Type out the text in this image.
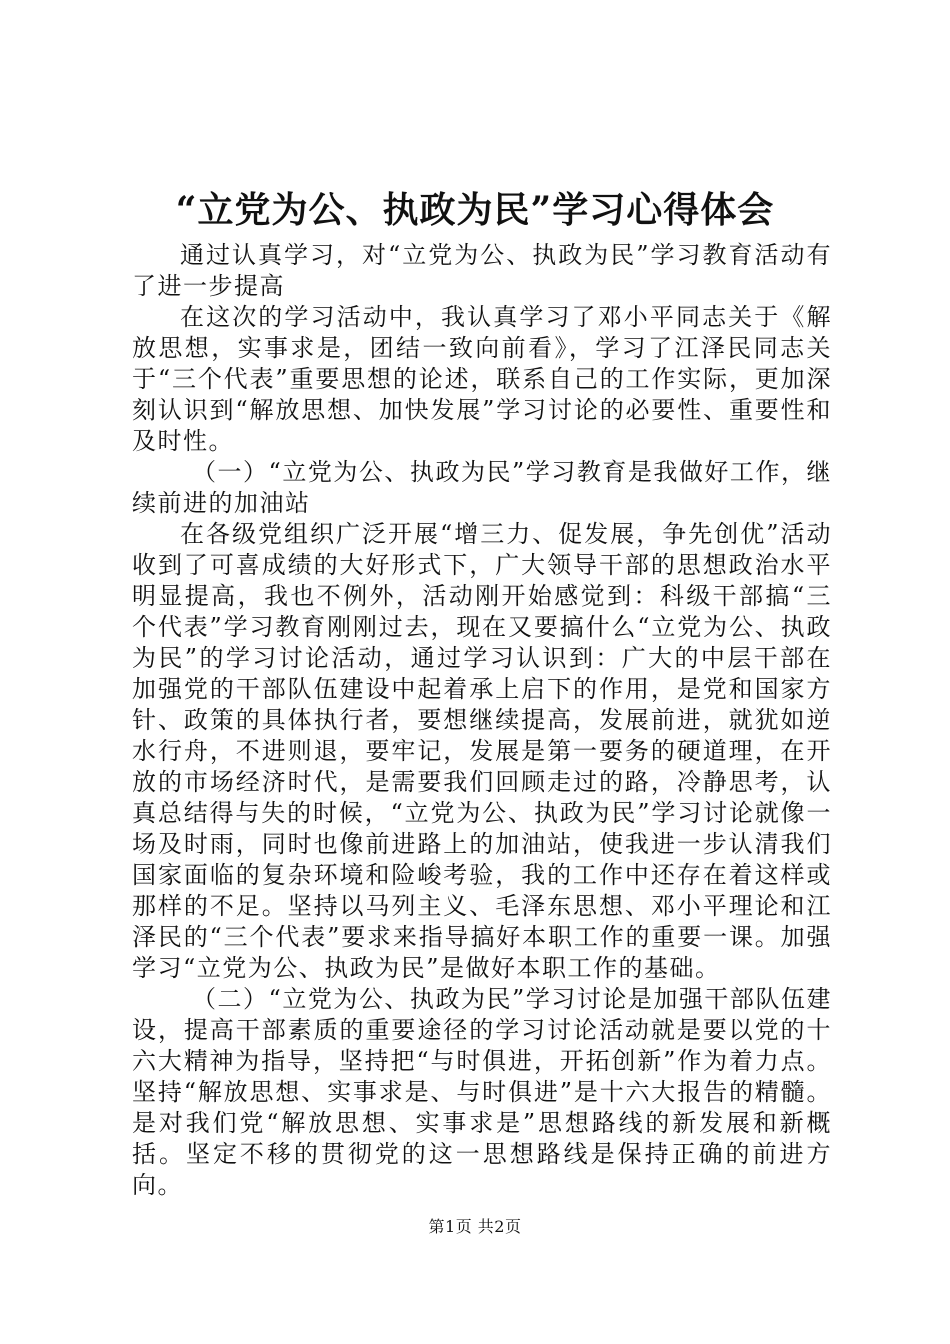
“立党为公、执政为民”学习心得体会

通过认真学习，对“立党为公、执政为民”学习教育活动有了进一步提高

在这次的学习活动中，我认真学习了邓小平同志关于《解放思想，实事求是，团结一致向前看》，学习了江泽民同志关于“三个代表”重要思想的论述，联系自己的工作实际，更加深刻认识到“解放思想、加快发展”学习讨论的必要性、重要性和及时性。

（一）“立党为公、执政为民”学习教育是我做好工作，继续前进的加油站

在各级党组织广泛开展“增三力、促发展，争先创优”活动收到了可喜成绩的大好形式下，广大领导干部的思想政治水平明显提高，我也不例外，活动刚开始感觉到：科级干部搞“三个代表”学习教育刚刚过去，现在又要搞什么“立党为公、执政为民”的学习讨论活动，通过学习认识到：广大的中层干部在加强党的干部队伍建设中起着承上启下的作用，是党和国家方针、政策的具体执行者，要想继续提高，发展前进，就犹如逆水行舟，不进则退，要牢记，发展是第一要务的硬道理，在开放的市场经济时代，是需要我们回顾走过的路，冷静思考，认真总结得与失的时候，“立党为公、执政为民”学习讨论就像一场及时雨，同时也像前进路上的加油站，使我进一步认清我们国家面临的复杂环境和险峻考验，我的工作中还存在着这样或那样的不足。坚持以马列主义、毛泽东思想、邓小平理论和江泽民的“三个代表”要求来指导搞好本职工作的重要一课。加强学习“立党为公、执政为民”是做好本职工作的基础。

（二）“立党为公、执政为民”学习讨论是加强干部队伍建设，提高干部素质的重要途径的学习讨论活动就是要以党的十六大精神为指导，坚持把“与时俱进，开拓创新”作为着力点。坚持“解放思想、实事求是、与时俱进”是十六大报告的精髓。是对我们党“解放思想、实事求是”思想路线的新发展和新概括。坚定不移的贯彻党的这一思想路线是保持正确的前进方向。

第1页 共2页
